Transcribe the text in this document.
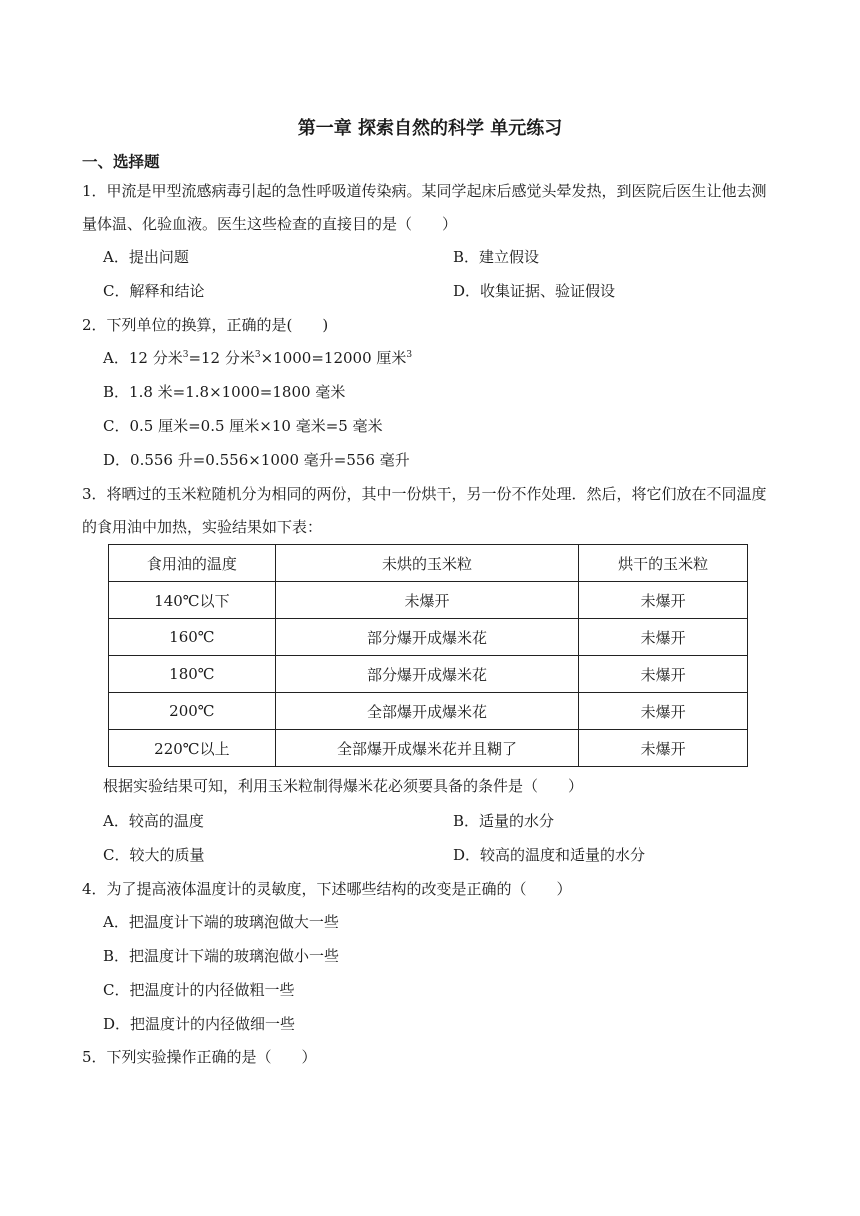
第一章 探索自然的科学 单元练习
一、选择题
1．甲流是甲型流感病毒引起的急性呼吸道传染病。某同学起床后感觉头晕发热，到医院后医生让他去测
量体温、化验血液。医生这些检查的直接目的是（　　）
A．提出问题	B．建立假设
C．解释和结论	D．收集证据、验证假设
2．下列单位的换算，正确的是(　　)
A．12 分米$^3$=12 分米$^3$×1000=12000 厘米$^3$
B．1.8 米=1.8×1000=1800 毫米
C．0.5 厘米=0.5 厘米×10 毫米=5 毫米
D．0.556 升=0.556×1000 毫升=556 毫升
3．将晒过的玉米粒随机分为相同的两份，其中一份烘干，另一份不作处理．然后，将它们放在不同温度
的食用油中加热，实验结果如下表：
食用油的温度	未烘的玉米粒	烘干的玉米粒
140℃以下	未爆开	未爆开
160℃	部分爆开成爆米花	未爆开
180℃	部分爆开成爆米花	未爆开
200℃	全部爆开成爆米花	未爆开
220℃以上	全部爆开成爆米花并且糊了	未爆开
根据实验结果可知，利用玉米粒制得爆米花必须要具备的条件是（　　）
A．较高的温度	B．适量的水分
C．较大的质量	D．较高的温度和适量的水分
4．为了提高液体温度计的灵敏度，下述哪些结构的改变是正确的（　　）
A．把温度计下端的玻璃泡做大一些
B．把温度计下端的玻璃泡做小一些
C．把温度计的内径做粗一些
D．把温度计的内径做细一些
5．下列实验操作正确的是（　　）
